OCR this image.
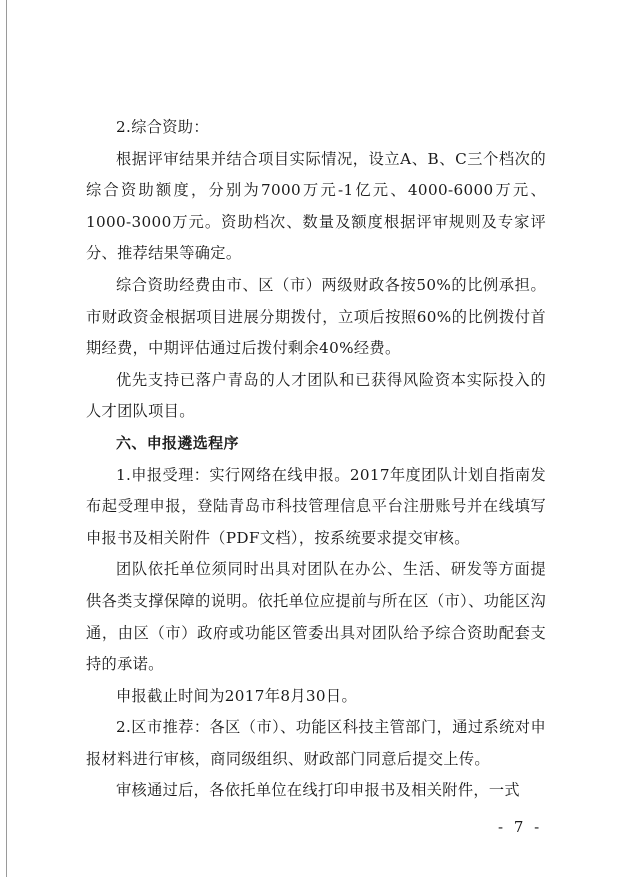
2.综合资助：

根据评审结果并结合项目实际情况，设立A、B、C三个档次的综合资助额度，分别为7000万元-1亿元、4000-6000万元、1000-3000万元。资助档次、数量及额度根据评审规则及专家评分、推荐结果等确定。

综合资助经费由市、区（市）两级财政各按50%的比例承担。市财政资金根据项目进展分期拨付，立项后按照60%的比例拨付首期经费，中期评估通过后拨付剩余40%经费。

优先支持已落户青岛的人才团队和已获得风险资本实际投入的人才团队项目。

六、申报遴选程序

1.申报受理：实行网络在线申报。2017年度团队计划自指南发布起受理申报，登陆青岛市科技管理信息平台注册账号并在线填写申报书及相关附件（PDF文档），按系统要求提交审核。

团队依托单位须同时出具对团队在办公、生活、研发等方面提供各类支撑保障的说明。依托单位应提前与所在区（市）、功能区沟通，由区（市）政府或功能区管委出具对团队给予综合资助配套支持的承诺。

申报截止时间为2017年8月30日。

2.区市推荐：各区（市）、功能区科技主管部门，通过系统对申报材料进行审核，商同级组织、财政部门同意后提交上传。

审核通过后，各依托单位在线打印申报书及相关附件，一式

- 7 -
